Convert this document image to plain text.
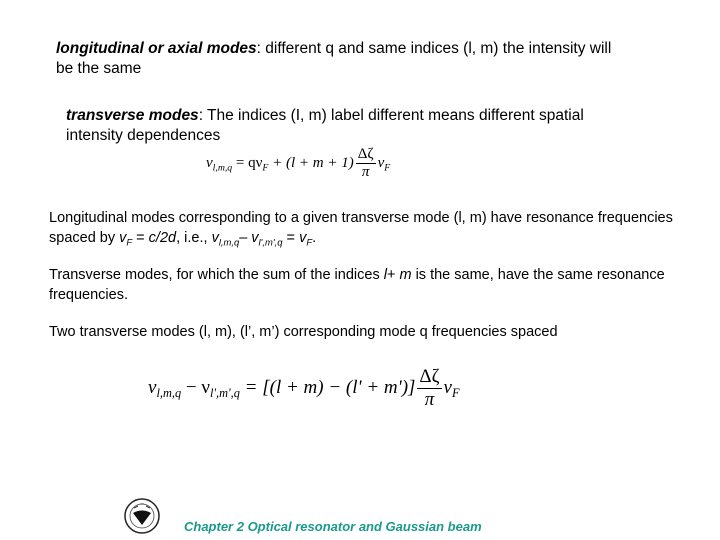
longitudinal or axial modes: different q and same indices (l, m) the intensity will be the same
transverse modes: The indices (I, m) label different means different spatial intensity dependences
$\nu_{l,m,q} = q\nu_F + (l + m + 1) \frac{\Delta\zeta}{\pi} \nu_F$
Longitudinal modes corresponding to a given transverse mode (l, m) have resonance frequencies spaced by $v_F = c/2d$, i.e., $v_{l,m,q}-$ $v_{l',m',q} = v_F$.
Transverse modes, for which the sum of the indices l+ m is the same, have the same resonance frequencies.
Two transverse modes (l, m), (l’, m’) corresponding mode q frequencies spaced
$\nu_{l,m,q} - \nu_{l',m',q} = [(l + m) - (l' + m')] \frac{\Delta\zeta}{\pi} \nu_F$
Chapter 2 Optical resonator and Gaussian beam
